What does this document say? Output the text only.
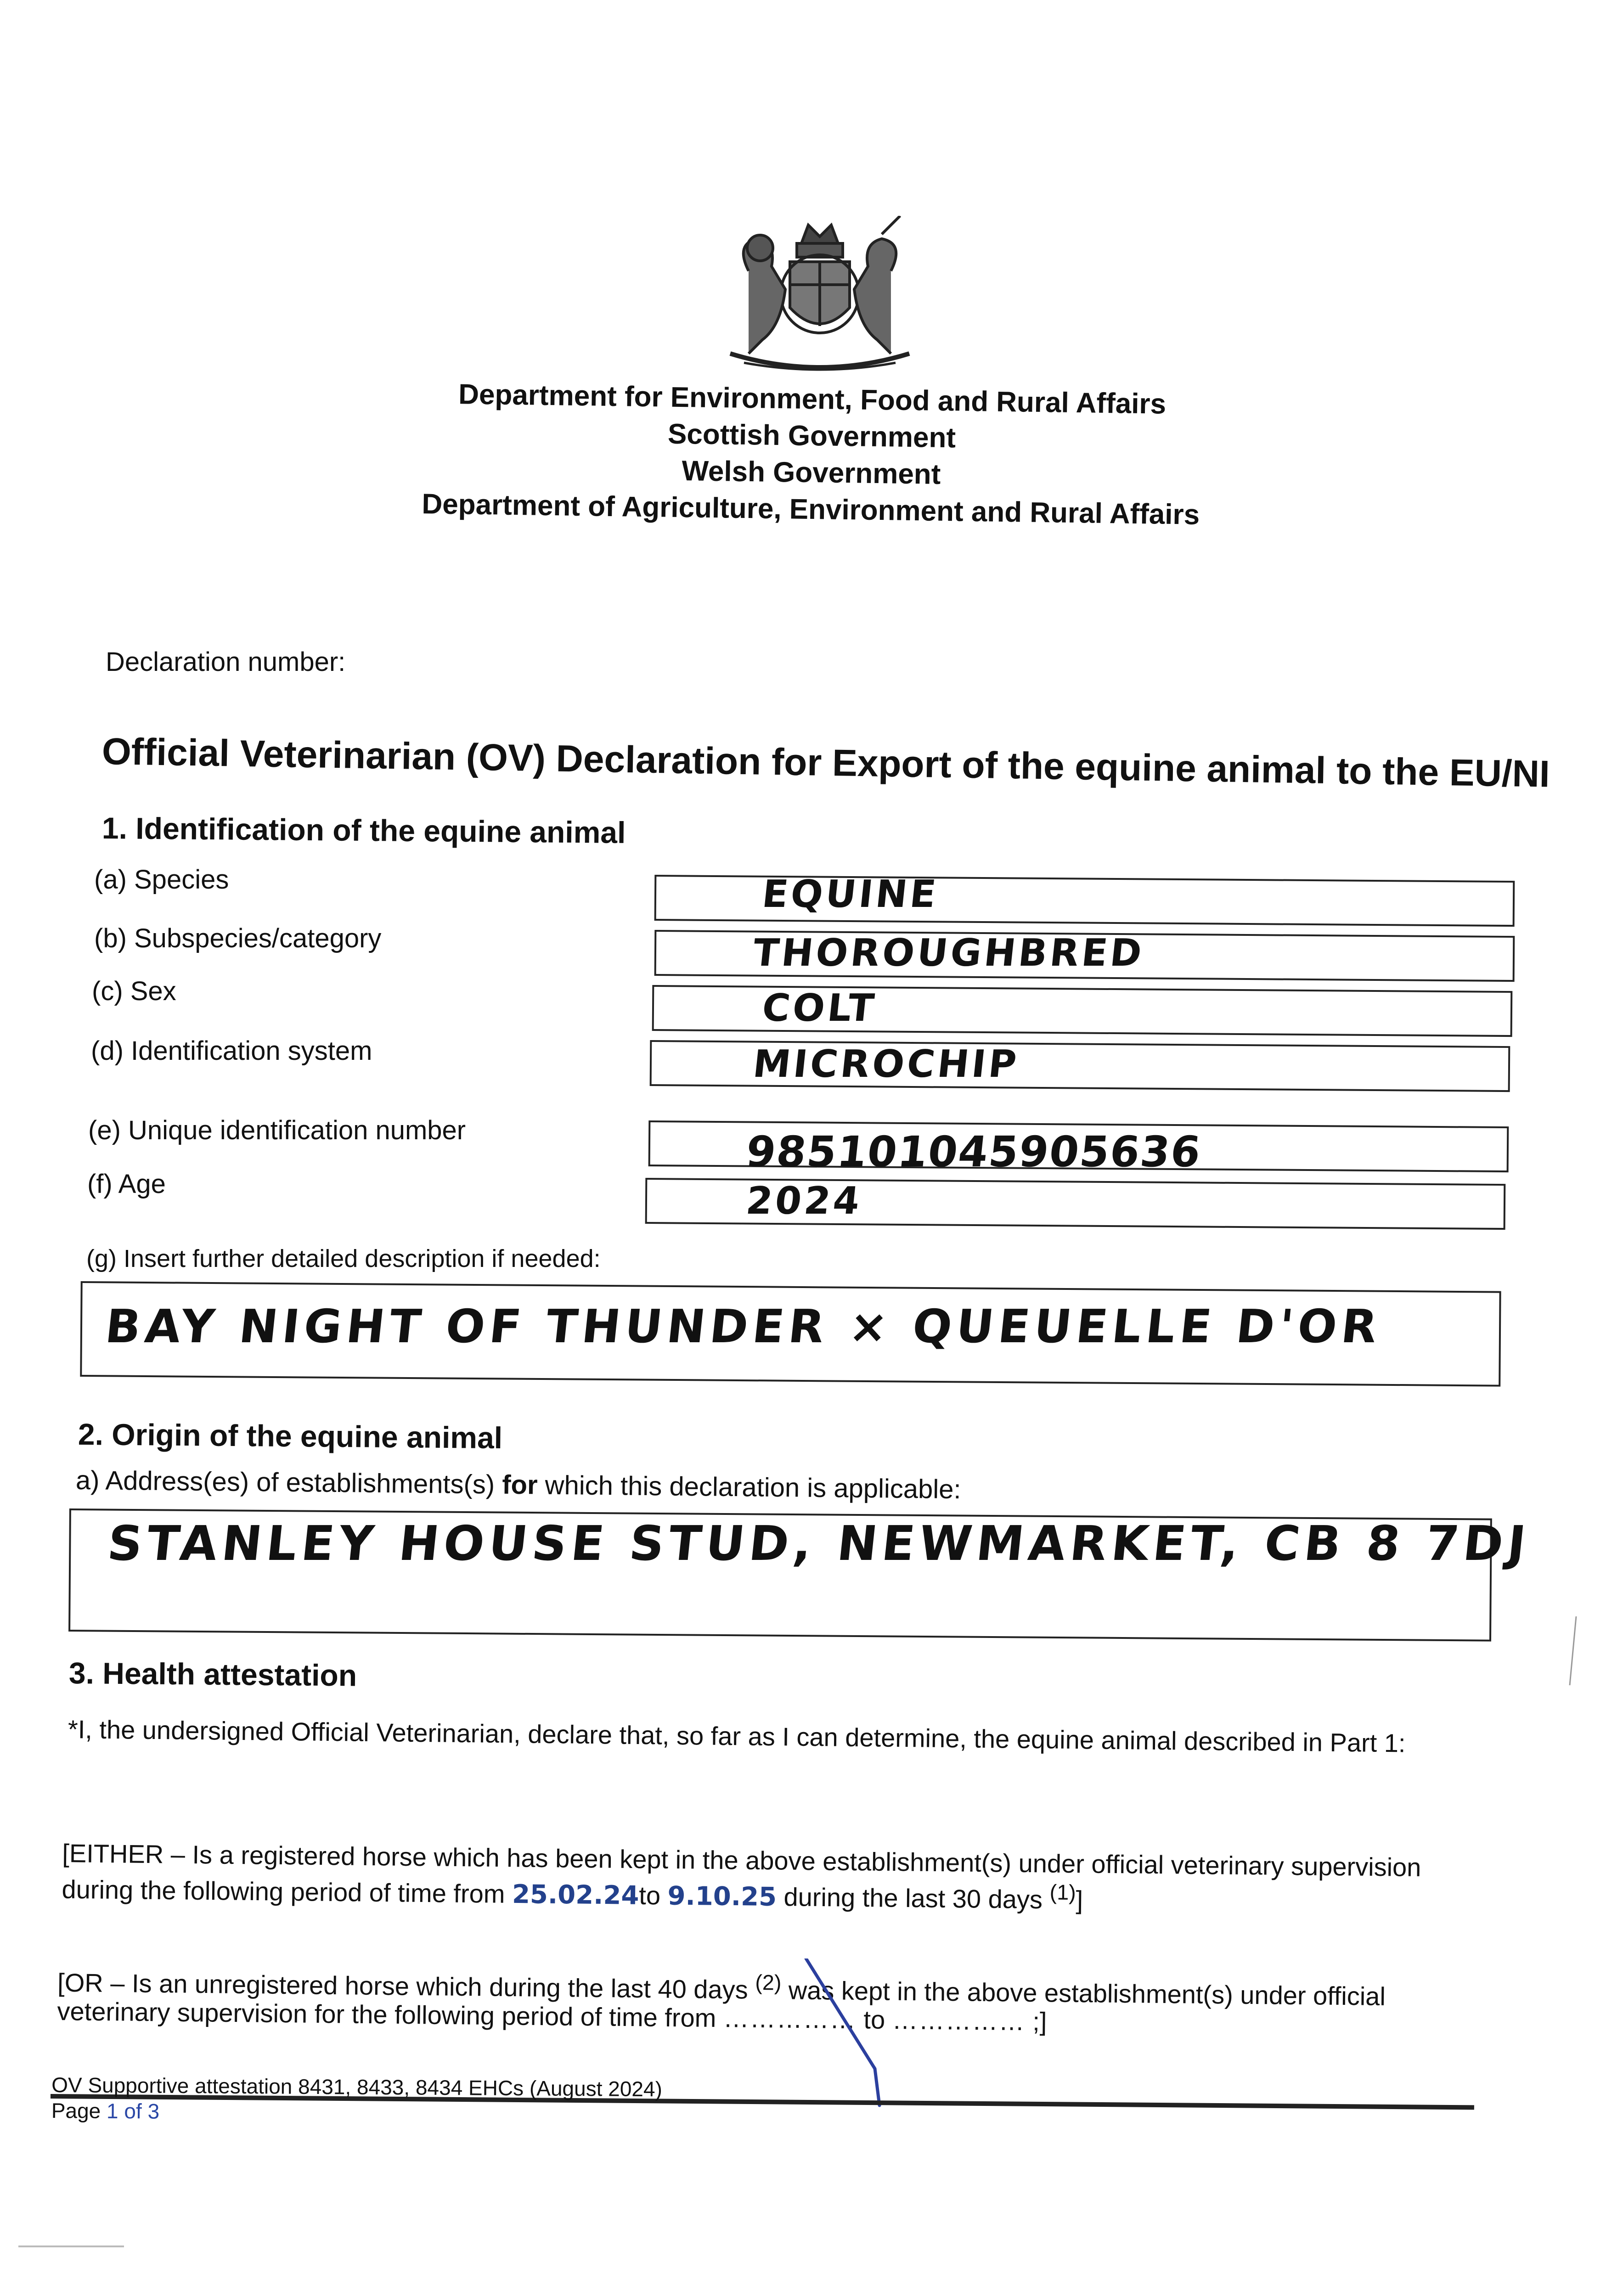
Department for Environment, Food and Rural Affairs
Scottish Government
Welsh Government
Department of Agriculture, Environment and Rural Affairs
Declaration number:
Official Veterinarian (OV) Declaration for Export of the equine animal to the EU/NI
1. Identification of the equine animal
(a) Species	EQUINE
(b) Subspecies/category	THOROUGHBRED
(c) Sex	COLT
(d) Identification system	MICROCHIP
(e) Unique identification number	985101045905636
(f) Age	2024
(g) Insert further detailed description if needed:
BAY NIGHT OF THUNDER × QUEUELLE D'OR
2. Origin of the equine animal
a) Address(es) of establishments(s) for which this declaration is applicable:
STANLEY HOUSE STUD, NEWMARKET, CB 8 7DJ
3. Health attestation
*I, the undersigned Official Veterinarian, declare that, so far as I can determine, the equine animal described in Part 1:
[EITHER – Is a registered horse which has been kept in the above establishment(s) under official veterinary supervision during the following period of time from 25.02.24to 9.10.25 during the last 30 days $^{(1)}$]
[OR – Is an unregistered horse which during the last 40 days $^{(2)}$ was kept in the above establishment(s) under official veterinary supervision for the following period of time from …………… to …………… ;]
OV Supportive attestation 8431, 8433, 8434 EHCs (August 2024)
Page 1 of 3
